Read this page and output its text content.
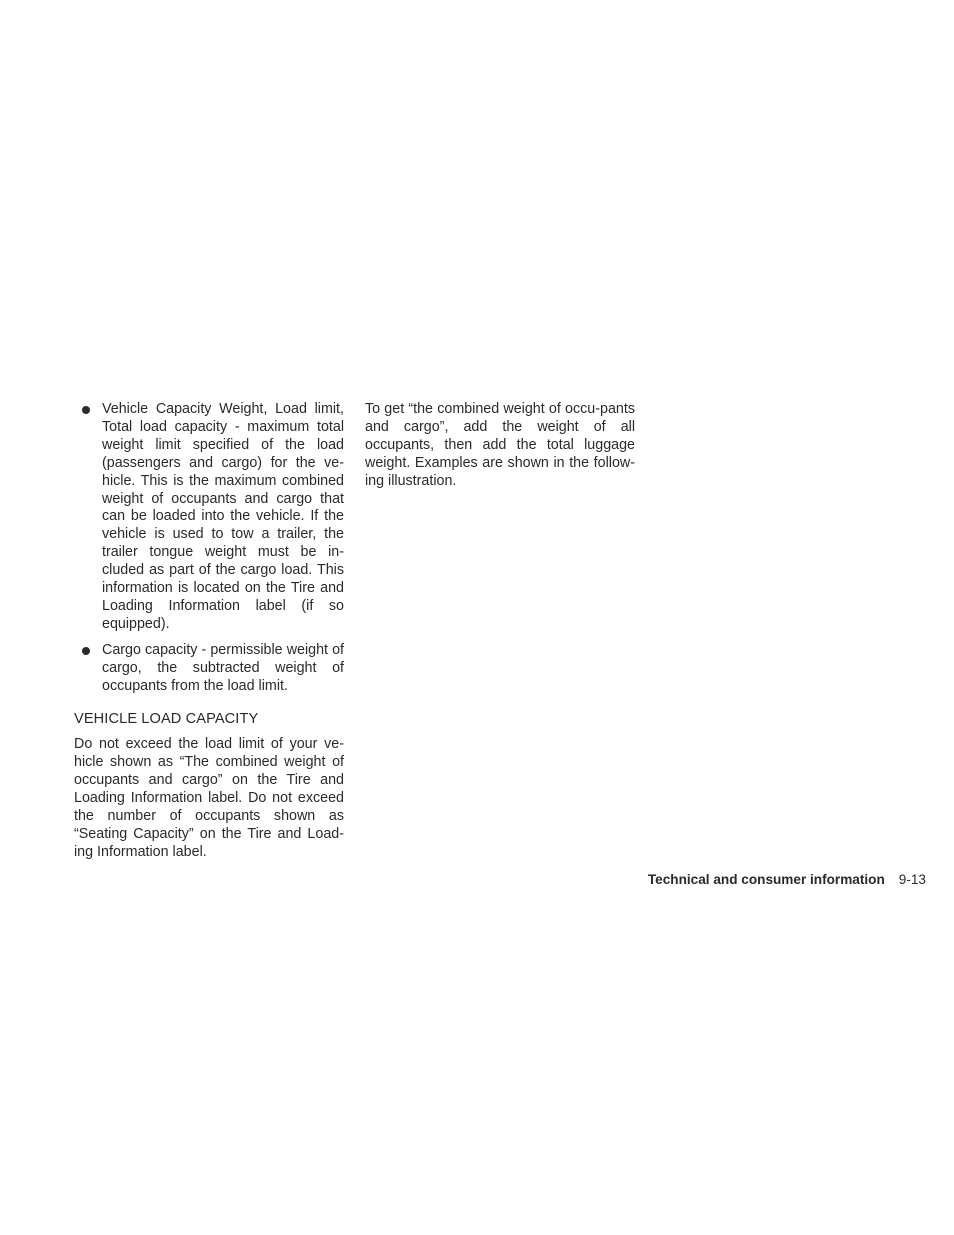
Vehicle Capacity Weight, Load limit, Total load capacity - maximum total weight limit specified of the load (passengers and cargo) for the ve-hicle. This is the maximum combined weight of occupants and cargo that can be loaded into the vehicle. If the vehicle is used to tow a trailer, the trailer tongue weight must be in-cluded as part of the cargo load. This information is located on the Tire and Loading Information label (if so equipped).
Cargo capacity - permissible weight of cargo, the subtracted weight of occupants from the load limit.
VEHICLE LOAD CAPACITY

Do not exceed the load limit of your ve-hicle shown as “The combined weight of occupants and cargo” on the Tire and Loading Information label. Do not exceed the number of occupants shown as “Seating Capacity” on the Tire and Load-ing Information label.

To get “the combined weight of occu-pants and cargo”, add the weight of all occupants, then add the total luggage weight. Examples are shown in the follow-ing illustration.

Technical and consumer information 9-13
